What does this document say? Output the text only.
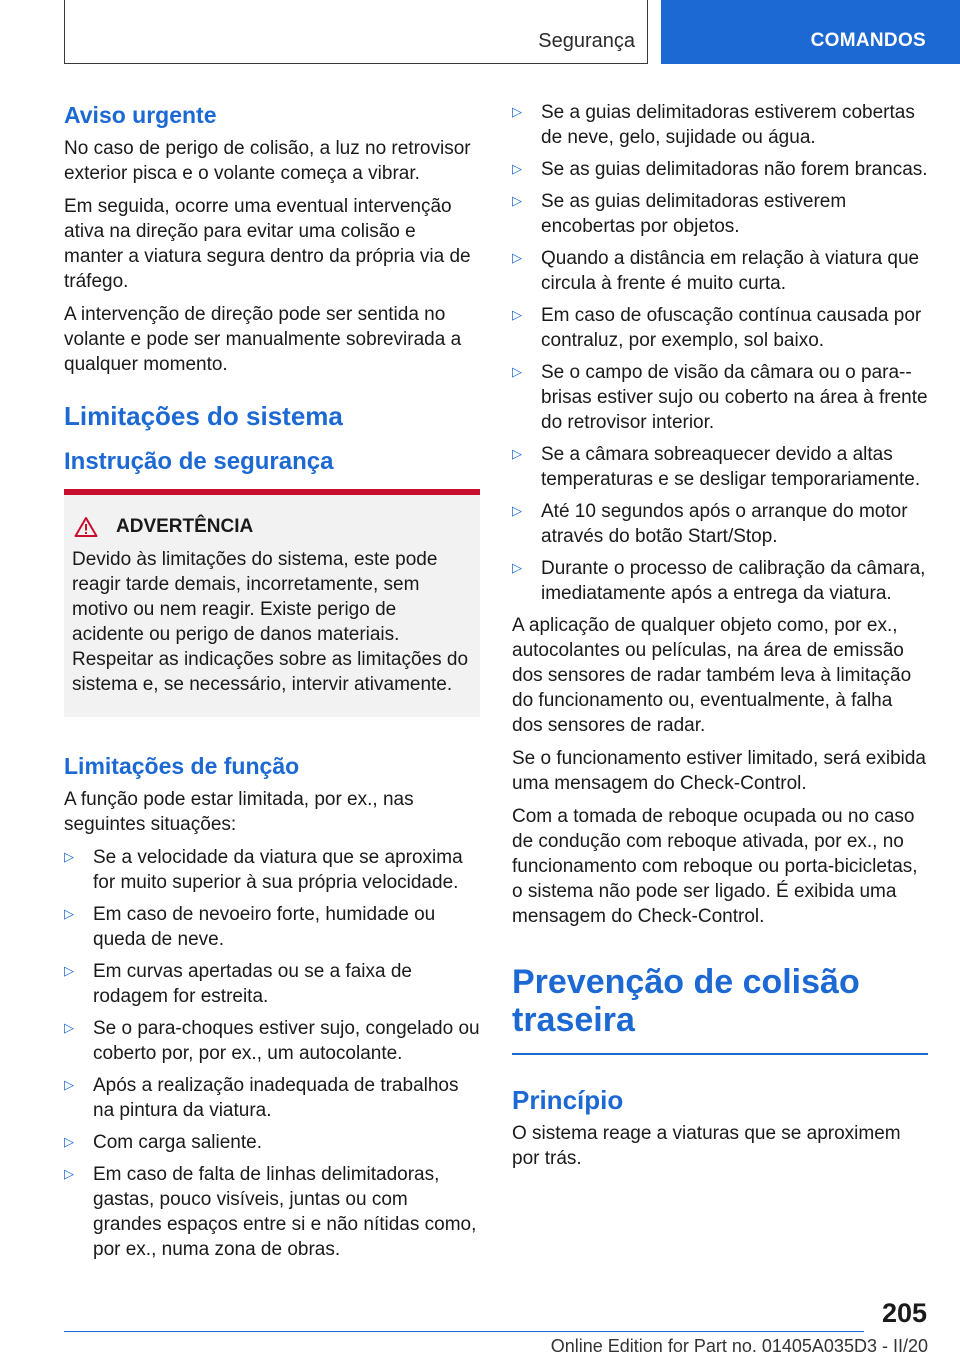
Segurança	COMANDOS
Aviso urgente

No caso de perigo de colisão, a luz no retrovisor exterior pisca e o volante começa a vibrar.

Em seguida, ocorre uma eventual intervenção ativa na direção para evitar uma colisão e manter a viatura segura dentro da própria via de tráfego.

A intervenção de direção pode ser sentida no volante e pode ser manualmente sobrevirada a qualquer momento.

Limitações do sistema
Instrução de segurança
ADVERTÊNCIA

Devido às limitações do sistema, este pode reagir tarde demais, incorretamente, sem motivo ou nem reagir. Existe perigo de acidente ou perigo de danos materiais. Respeitar as indicações sobre as limitações do sistema e, se necessário, intervir ativamente.

Limitações de função

A função pode estar limitada, por ex., nas seguintes situações:

▷	Se a velocidade da viatura que se aproxima for muito superior à sua própria velocidade.
▷	Em caso de nevoeiro forte, humidade ou queda de neve.
▷	Em curvas apertadas ou se a faixa de rodagem for estreita.
▷	Se o para-choques estiver sujo, congelado ou coberto por, por ex., um autocolante.
▷	Após a realização inadequada de trabalhos na pintura da viatura.
▷	Com carga saliente.
▷	Em caso de falta de linhas delimitadoras, gastas, pouco visíveis, juntas ou com grandes espaços entre si e não nítidas como, por ex., numa zona de obras.
▷	Se a guias delimitadoras estiverem cobertas de neve, gelo, sujidade ou água.
▷	Se as guias delimitadoras não forem brancas.
▷	Se as guias delimitadoras estiverem encobertas por objetos.
▷	Quando a distância em relação à viatura que circula à frente é muito curta.
▷	Em caso de ofuscação contínua causada por contraluz, por exemplo, sol baixo.
▷	Se o campo de visão da câmara ou o para--brisas estiver sujo ou coberto na área à frente do retrovisor interior.
▷	Se a câmara sobreaquecer devido a altas temperaturas e se desligar temporariamente.
▷	Até 10 segundos após o arranque do motor através do botão Start/Stop.
▷	Durante o processo de calibração da câmara, imediatamente após a entrega da viatura.

A aplicação de qualquer objeto como, por ex., autocolantes ou películas, na área de emissão dos sensores de radar também leva à limitação do funcionamento ou, eventualmente, à falha dos sensores de radar.

Se o funcionamento estiver limitado, será exibida uma mensagem do Check-Control.

Com a tomada de reboque ocupada ou no caso de condução com reboque ativada, por ex., no funcionamento com reboque ou porta-bicicletas, o sistema não pode ser ligado. É exibida uma mensagem do Check-Control.

Prevenção de colisão traseira
Princípio

O sistema reage a viaturas que se aproximem por trás.

205
Online Edition for Part no. 01405A035D3 - II/20
